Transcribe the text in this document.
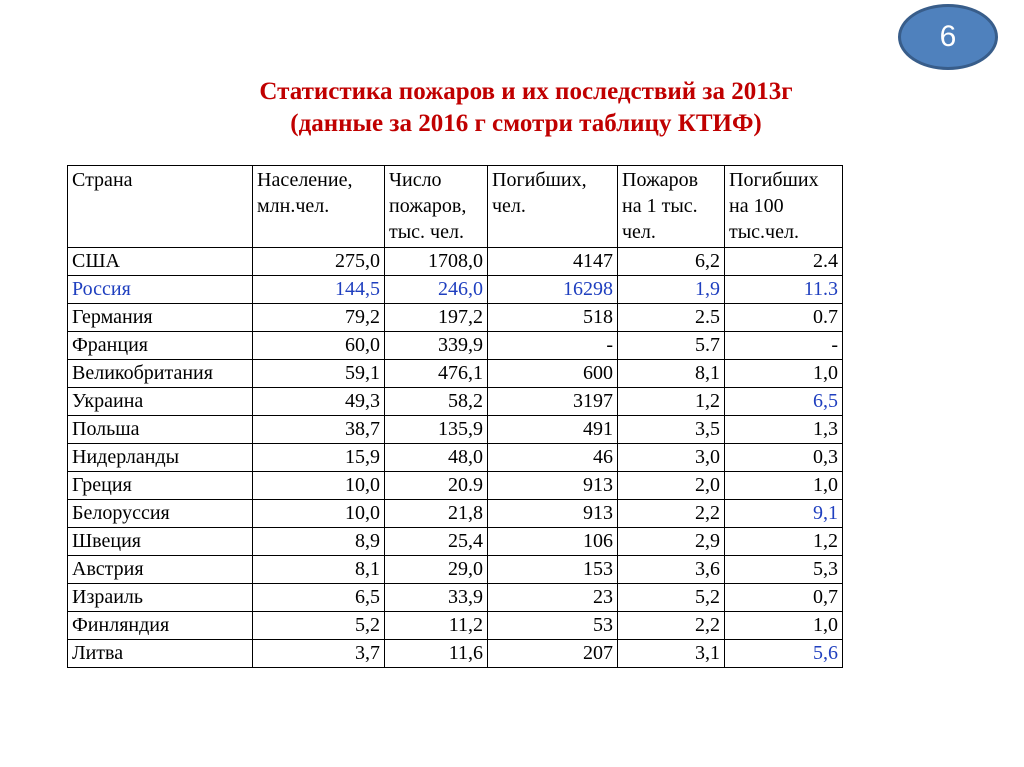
6
Статистика пожаров и их последствий за 2013г
(данные за 2016 г смотри таблицу КТИФ)
Страна	Население, млн.чел.	Число пожаров, тыс. чел.	Погибших, чел.	Пожаров на 1 тыс. чел.	Погибших на 100 тыс.чел.
США	275,0	1708,0	4147	6,2	2.4
Россия	144,5	246,0	16298	1,9	11.3
Германия	79,2	197,2	518	2.5	0.7
Франция	60,0	339,9	-	5.7	-
Великобритания	59,1	476,1	600	8,1	1,0
Украина	49,3	58,2	3197	1,2	6,5
Польша	38,7	135,9	491	3,5	1,3
Нидерланды	15,9	48,0	46	3,0	0,3
Греция	10,0	20.9	913	2,0	1,0
Белоруссия	10,0	21,8	913	2,2	9,1
Швеция	8,9	25,4	106	2,9	1,2
Австрия	8,1	29,0	153	3,6	5,3
Израиль	6,5	33,9	23	5,2	0,7
Финляндия	5,2	11,2	53	2,2	1,0
Литва	3,7	11,6	207	3,1	5,6
